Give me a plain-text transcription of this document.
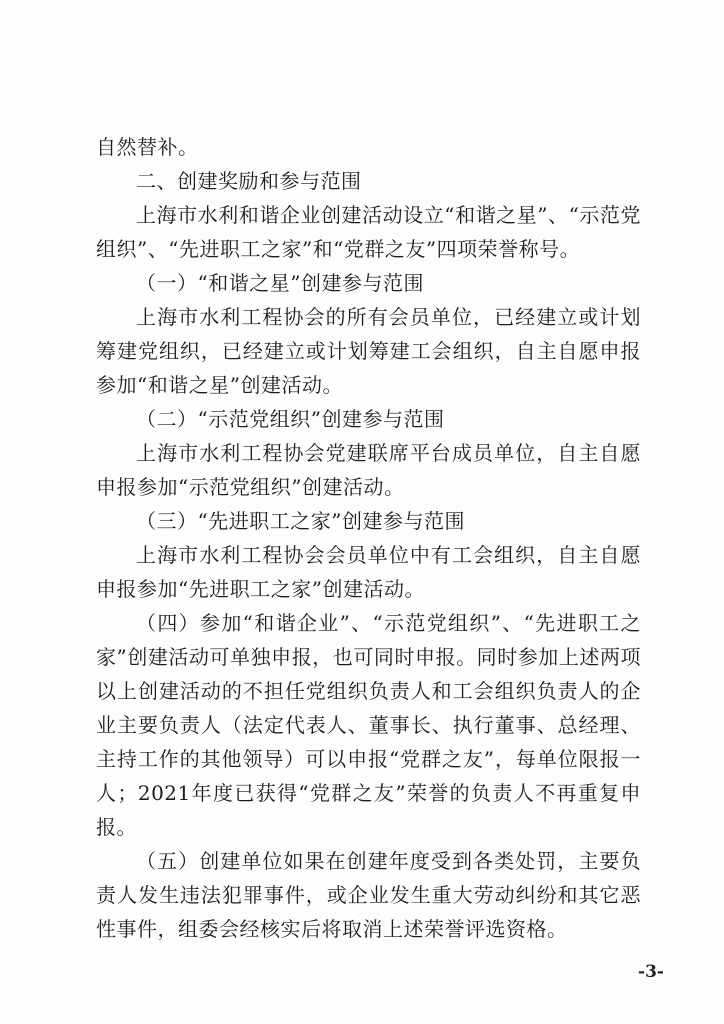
自然替补。

二、创建奖励和参与范围

上海市水利和谐企业创建活动设立“和谐之星”、“示范党组织”、“先进职工之家”和“党群之友”四项荣誉称号。

（一）“和谐之星”创建参与范围

上海市水利工程协会的所有会员单位，已经建立或计划筹建党组织，已经建立或计划筹建工会组织，自主自愿申报参加“和谐之星”创建活动。

（二）“示范党组织”创建参与范围

上海市水利工程协会党建联席平台成员单位，自主自愿申报参加“示范党组织”创建活动。

（三）“先进职工之家”创建参与范围

上海市水利工程协会会员单位中有工会组织，自主自愿申报参加“先进职工之家”创建活动。

（四）参加“和谐企业”、“示范党组织”、“先进职工之家”创建活动可单独申报，也可同时申报。同时参加上述两项以上创建活动的不担任党组织负责人和工会组织负责人的企业主要负责人（法定代表人、董事长、执行董事、总经理、主持工作的其他领导）可以申报“党群之友”，每单位限报一人；2021年度已获得“党群之友”荣誉的负责人不再重复申报。

（五）创建单位如果在创建年度受到各类处罚，主要负责人发生违法犯罪事件，或企业发生重大劳动纠纷和其它恶性事件，组委会经核实后将取消上述荣誉评选资格。

-3-
